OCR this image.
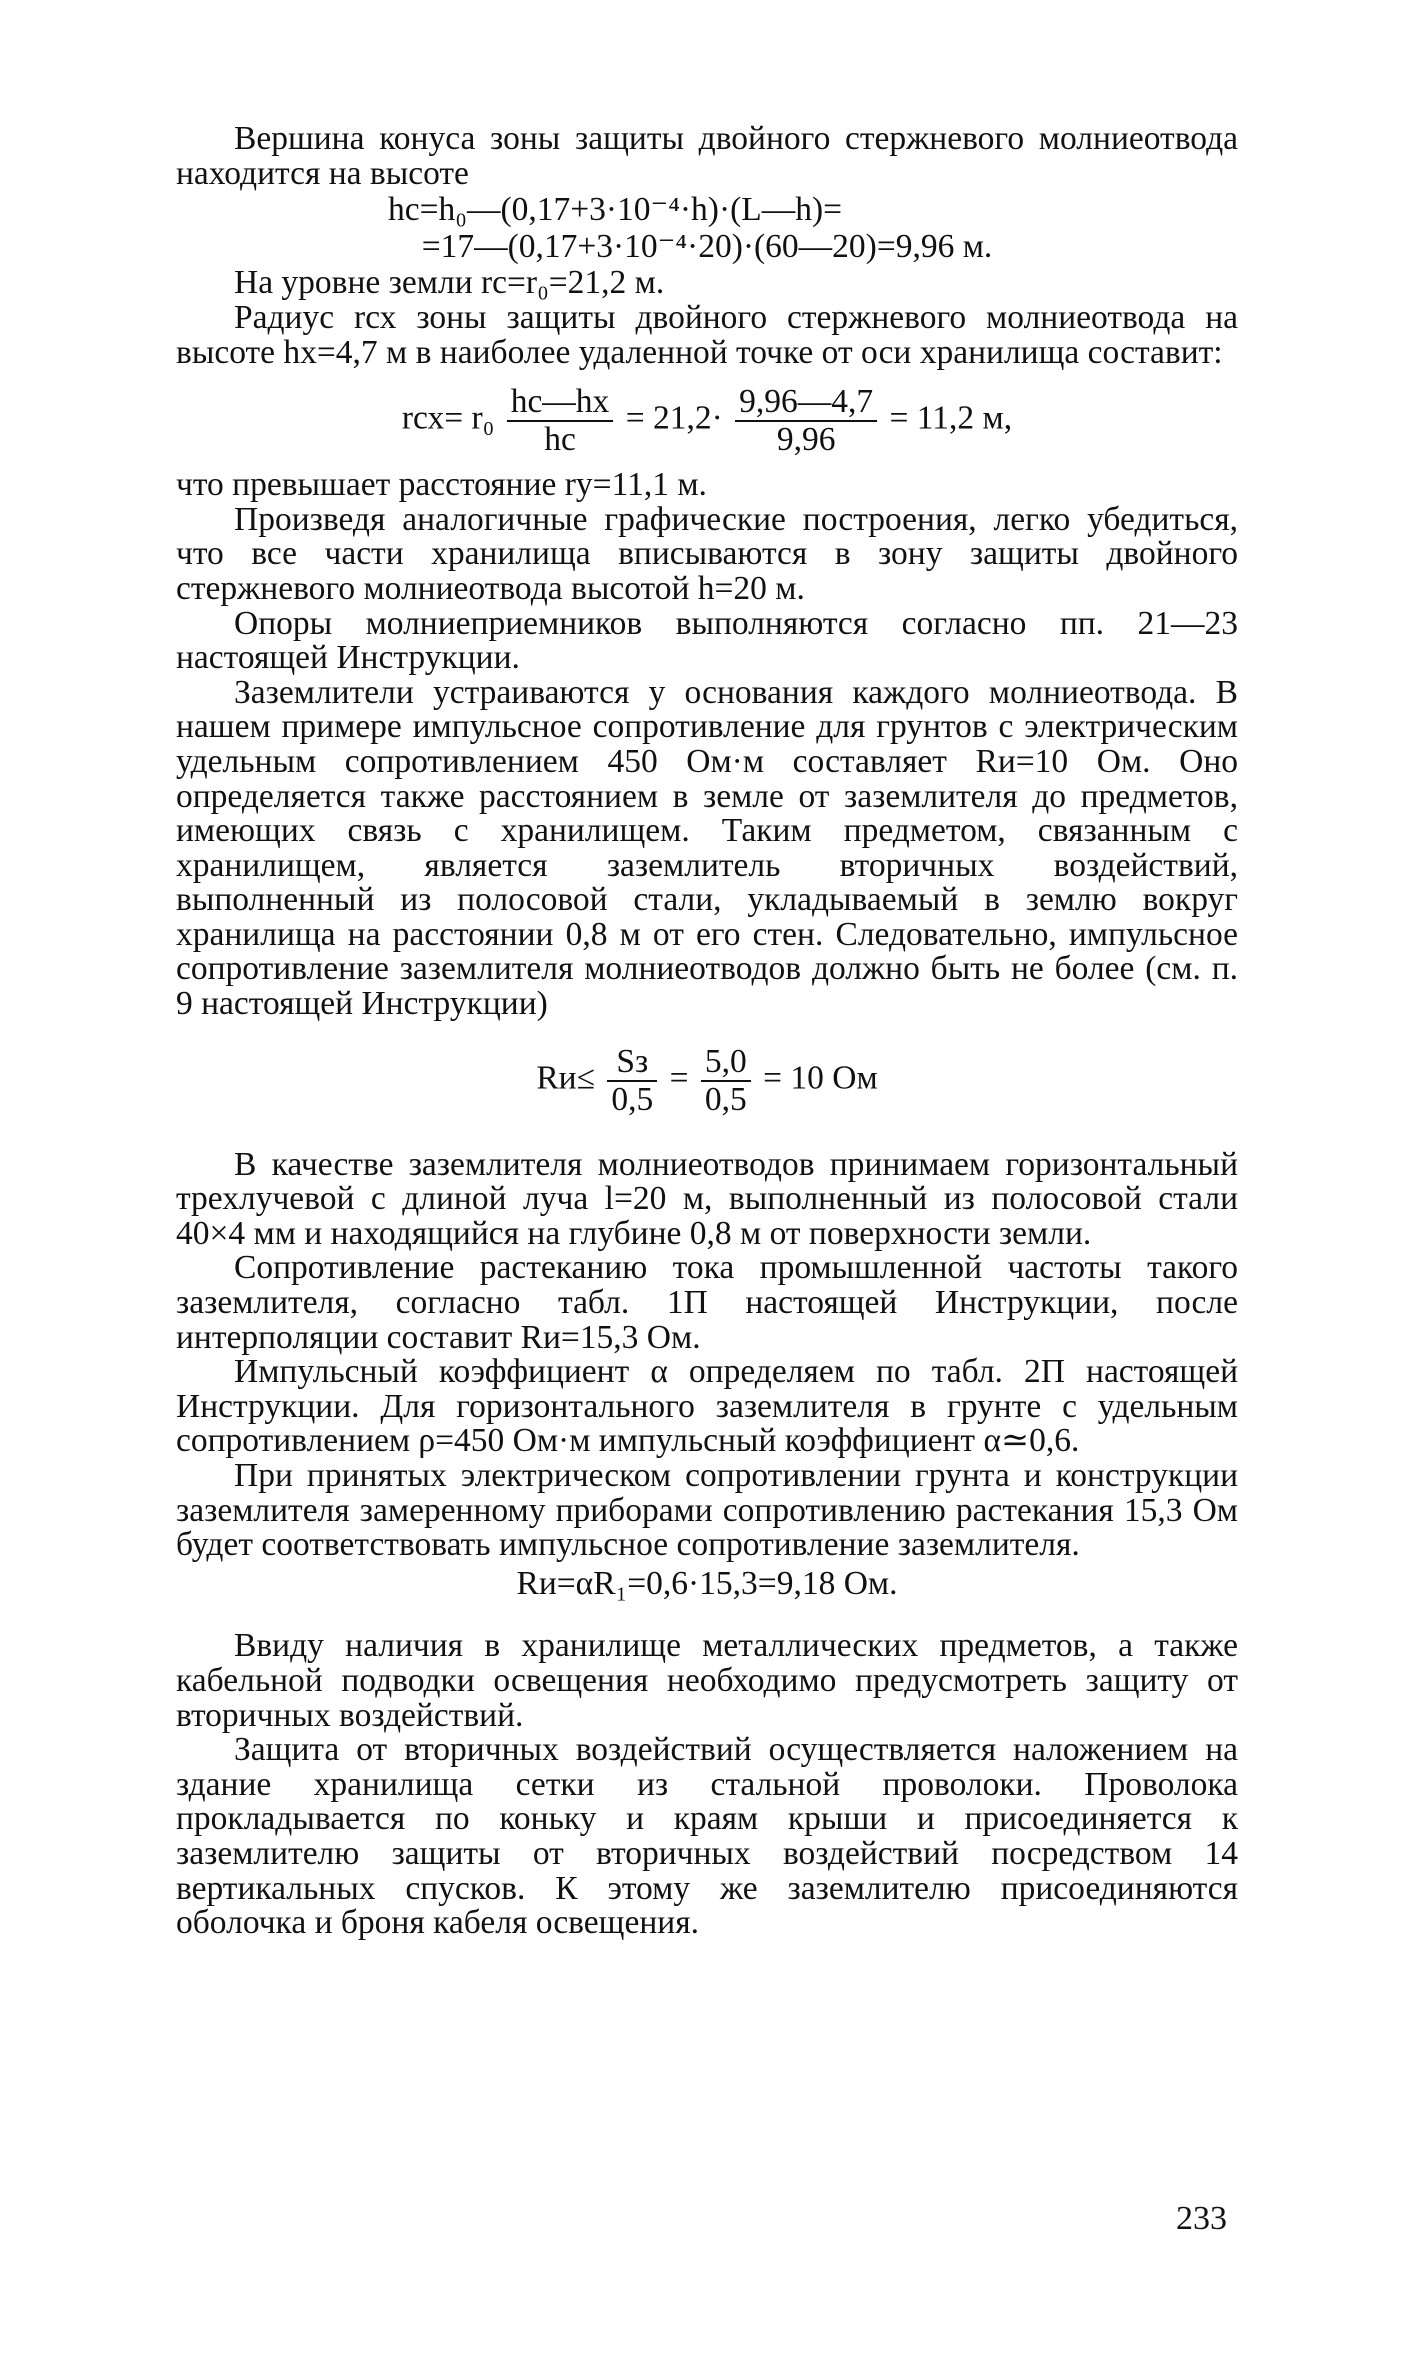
Вершина конуса зоны защиты двойного стержневого молниеотвода находится на высоте

hс=h₀—(0,17+3·10⁻⁴·h)·(L—h)=
=17—(0,17+3·10⁻⁴·20)·(60—20)=9,96 м.

На уровне земли rс=r₀=21,2 м.

Радиус rсх зоны защиты двойного стержневого молниеотвода на высоте hх=4,7 м в наиболее удаленной точке от оси хранилища составит:

$rсх= r_0 \frac{hс—hх}{hс} = 21,2\cdot \frac{9,96—4,7}{9,96} = 11,2$ м,

что превышает расстояние rу=11,1 м.

Произведя аналогичные графические построения, легко убедиться, что все части хранилища вписываются в зону защиты двойного стержневого молниеотвода высотой h=20 м.

Опоры молниеприемников выполняются согласно пп. 21—23 настоящей Инструкции.

Заземлители устраиваются у основания каждого молниеотвода. В нашем примере импульсное сопротивление для грунтов с электрическим удельным сопротивлением 450 Ом·м составляет Rи=10 Ом. Оно определяется также расстоянием в земле от заземлителя до предметов, имеющих связь с хранилищем. Таким предметом, связанным с хранилищем, является заземлитель вторичных воздействий, выполненный из полосовой стали, укладываемый в землю вокруг хранилища на расстоянии 0,8 м от его стен. Следовательно, импульсное сопротивление заземлителя молниеотводов должно быть не более (см. п. 9 настоящей Инструкции)

$Rи\le \frac{Sз}{0,5} = \frac{5,0}{0,5} = 10$ Ом

В качестве заземлителя молниеотводов принимаем горизонтальный трехлучевой с длиной луча l=20 м, выполненный из полосовой стали 40×4 мм и находящийся на глубине 0,8 м от поверхности земли.

Сопротивление растеканию тока промышленной частоты такого заземлителя, согласно табл. 1П настоящей Инструкции, после интерполяции составит Rи=15,3 Ом.

Импульсный коэффициент α определяем по табл. 2П настоящей Инструкции. Для горизонтального заземлителя в грунте с удельным сопротивлением ρ=450 Ом·м импульсный коэффициент α≃0,6.

При принятых электрическом сопротивлении грунта и конструкции заземлителя замеренному приборами сопротивлению растекания 15,3 Ом будет соответствовать импульсное сопротивление заземлителя.

Rи=αR₁=0,6·15,3=9,18 Ом.

Ввиду наличия в хранилище металлических предметов, а также кабельной подводки освещения необходимо предусмотреть защиту от вторичных воздействий.

Защита от вторичных воздействий осуществляется наложением на здание хранилища сетки из стальной проволоки. Проволока прокладывается по коньку и краям крыши и присоединяется к заземлителю защиты от вторичных воздействий посредством 14 вертикальных спусков. К этому же заземлителю присоединяются оболочка и броня кабеля освещения.

233
